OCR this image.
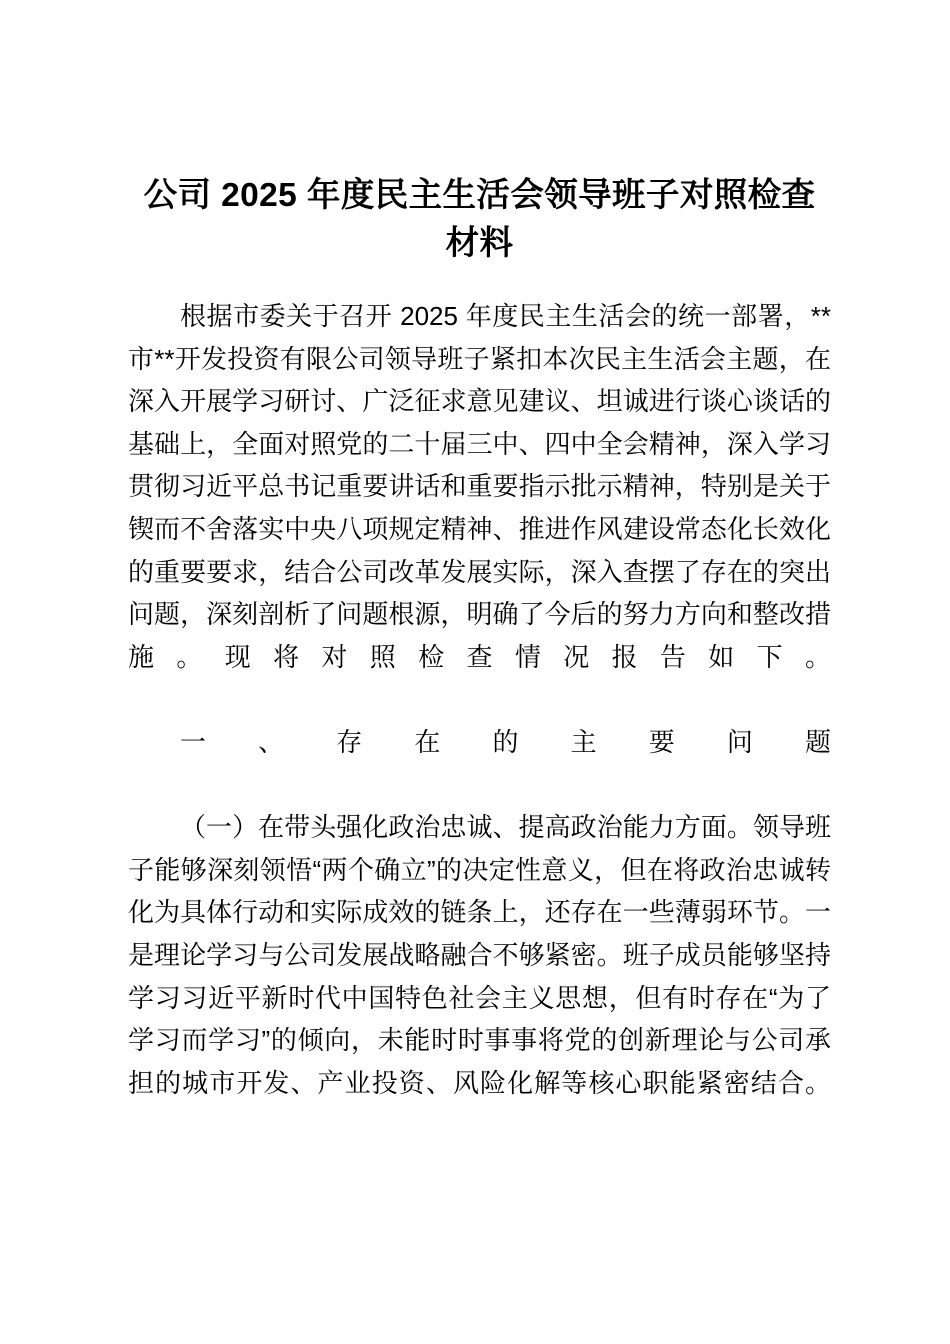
公司 2025 年度民主生活会领导班子对照检查材料

根据市委关于召开 2025 年度民主生活会的统一部署，**市**开发投资有限公司领导班子紧扣本次民主生活会主题，在深入开展学习研讨、广泛征求意见建议、坦诚进行谈心谈话的基础上，全面对照党的二十届三中、四中全会精神，深入学习贯彻习近平总书记重要讲话和重要指示批示精神，特别是关于锲而不舍落实中央八项规定精神、推进作风建设常态化长效化的重要要求，结合公司改革发展实际，深入查摆了存在的突出问题，深刻剖析了问题根源，明确了今后的努力方向和整改措施。现将对照检查情况报告如下。

一、存在的主要问题

（一）在带头强化政治忠诚、提高政治能力方面。领导班子能够深刻领悟“两个确立”的决定性意义，但在将政治忠诚转化为具体行动和实际成效的链条上，还存在一些薄弱环节。一是理论学习与公司发展战略融合不够紧密。班子成员能够坚持学习习近平新时代中国特色社会主义思想，但有时存在“为了学习而学习”的倾向，未能时时事事将党的创新理论与公司承担的城市开发、产业投资、风险化解等核心职能紧密结合。
